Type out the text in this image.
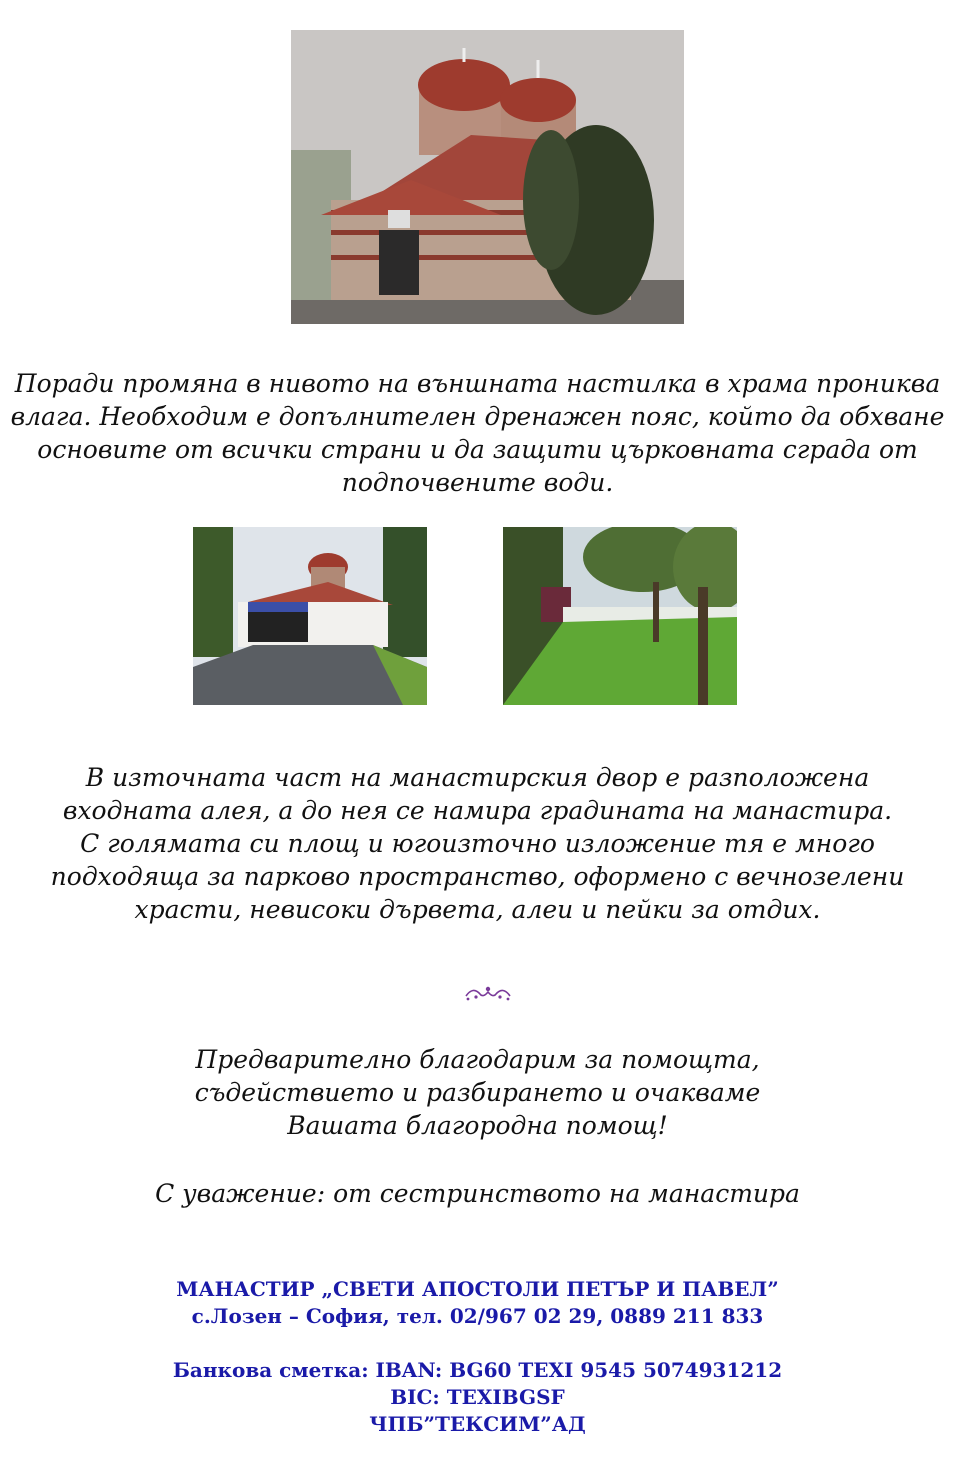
Поради промяна в нивото на външната настилка в храма прониква
влага. Необходим е допълнителен дренажен пояс, който да обхване
основите от всички страни и да защити църковната сграда от
подпочвените води.
В източната част на манастирския двор е разположена
входната алея, а до нея се намира градината на манастира.
С голямата си площ и югоизточно изложение тя е много
подходяща за парково пространство, оформено с вечнозелени
храсти, невисоки дървета, алеи и пейки за отдих.
Предварително благодарим за помощта,
съдействието и разбирането и очакваме
Вашата благородна помощ!
С уважение: от сестринството на манастира
МАНАСТИР „СВЕТИ АПОСТОЛИ ПЕТЪР И ПАВЕЛ”
с.Лозен – София, тел. 02/967 02 29, 0889 211 833
Банкова сметка: IBAN: BG60 TEXI 9545 5074931212
BIC: TEXIBGSF
ЧПБ”ТЕКСИМ”АД
